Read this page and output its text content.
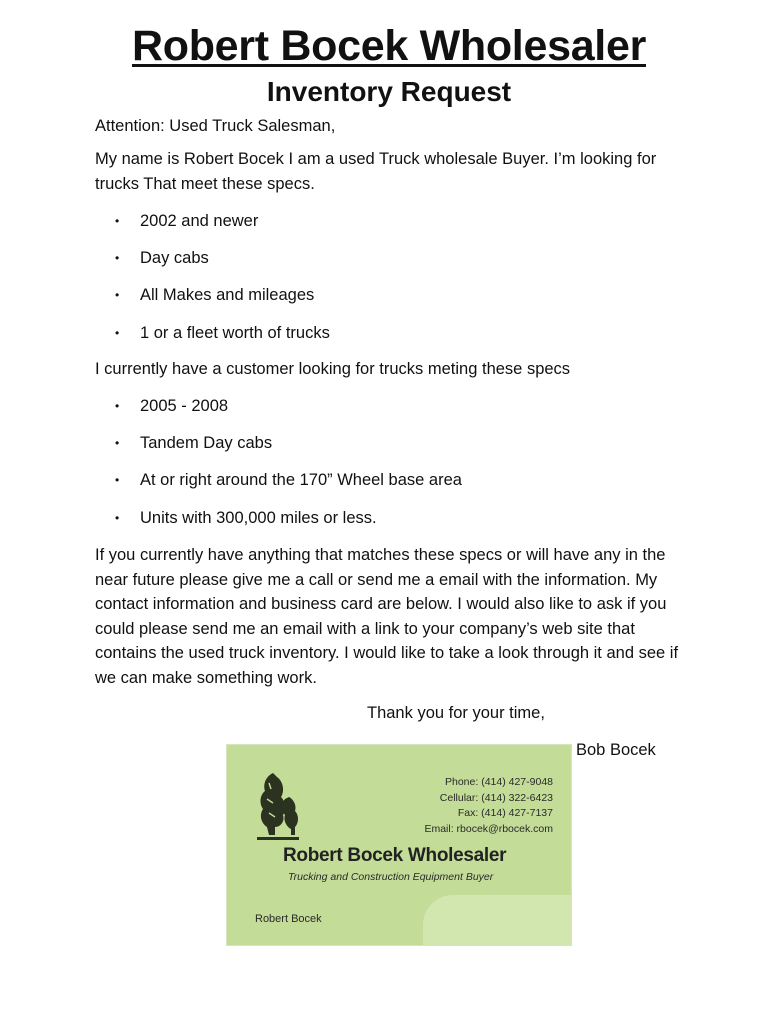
Robert Bocek Wholesaler
Inventory Request

Attention: Used Truck Salesman,

My name is Robert Bocek I am a used Truck wholesale Buyer. I’m looking for trucks That meet these specs.

• 2002 and newer
• Day cabs
• All Makes and mileages
• 1 or a fleet worth of trucks

I currently have a customer looking for trucks meting these specs

• 2005 - 2008
• Tandem Day cabs
• At or right around the 170” Wheel base area
• Units with 300,000 miles or less.

If you currently have anything that matches these specs or will have any in the near future please give me a call or send me a email with the information. My contact information and business card are below. I would also like to ask if you could please send me an email with a link to your company’s web site that contains the used truck inventory. I would like to take a look through it and see if we can make something work.

Thank you for your time,

Bob Bocek

Phone: (414) 427-9048
Cellular: (414) 322-6423
Fax: (414) 427-7137
Email: rbocek@rbocek.com
Robert Bocek Wholesaler
Trucking and Construction Equipment Buyer
Robert Bocek
